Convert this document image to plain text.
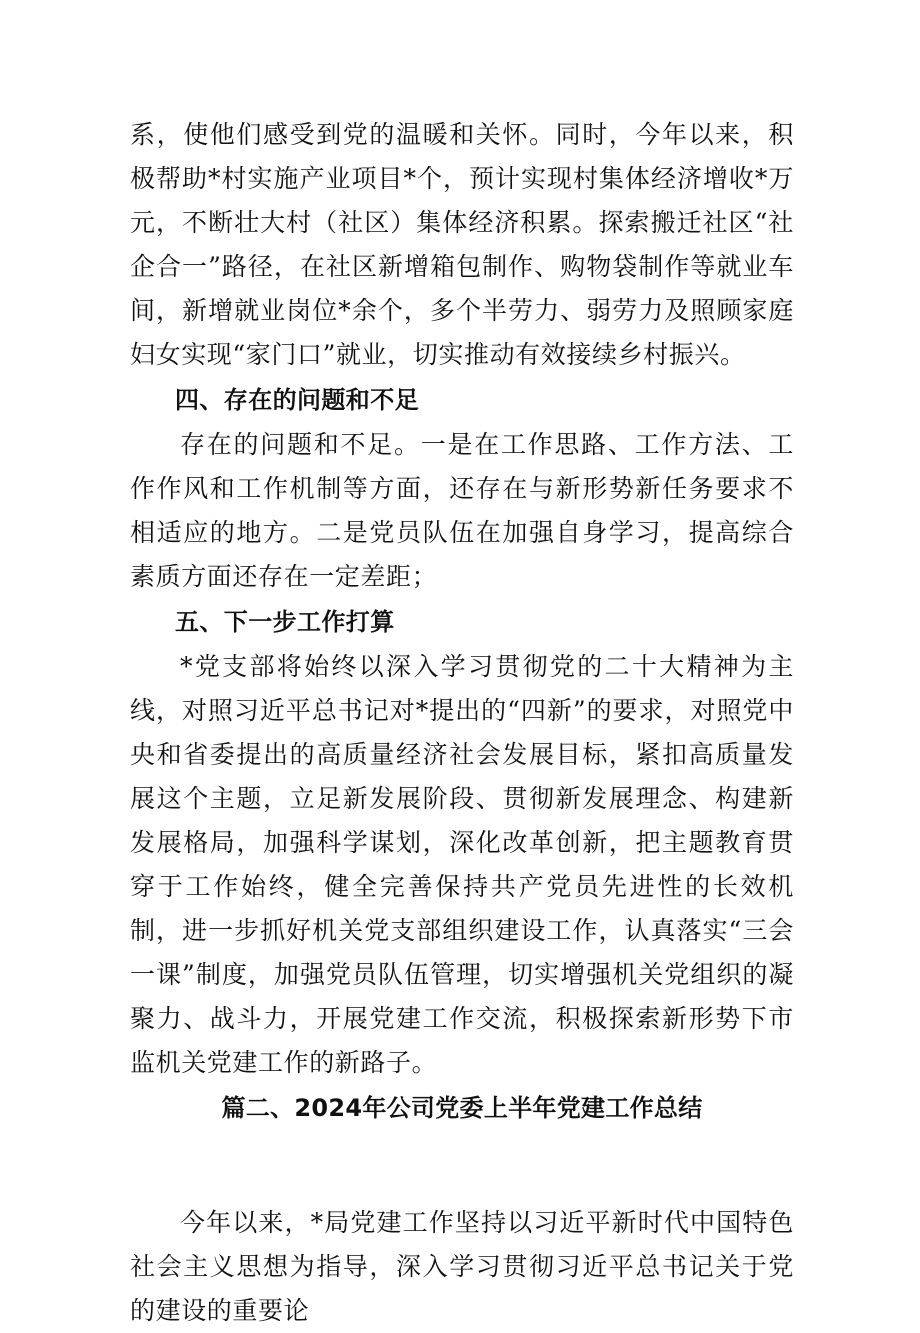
系，使他们感受到党的温暖和关怀。同时，今年以来，积极帮助*村实施产业项目*个，预计实现村集体经济增收*万元，不断壮大村（社区）集体经济积累。探索搬迁社区“社企合一”路径，在社区新增箱包制作、购物袋制作等就业车间，新增就业岗位*余个，多个半劳力、弱劳力及照顾家庭妇女实现“家门口”就业，切实推动有效接续乡村振兴。

四、存在的问题和不足

存在的问题和不足。一是在工作思路、工作方法、工作作风和工作机制等方面，还存在与新形势新任务要求不相适应的地方。二是党员队伍在加强自身学习，提高综合素质方面还存在一定差距；

五、下一步工作打算

*党支部将始终以深入学习贯彻党的二十大精神为主线，对照习近平总书记对*提出的“四新”的要求，对照党中央和省委提出的高质量经济社会发展目标，紧扣高质量发展这个主题，立足新发展阶段、贯彻新发展理念、构建新发展格局，加强科学谋划，深化改革创新，把主题教育贯穿于工作始终，健全完善保持共产党员先进性的长效机制，进一步抓好机关党支部组织建设工作，认真落实“三会一课”制度，加强党员队伍管理，切实增强机关党组织的凝聚力、战斗力，开展党建工作交流，积极探索新形势下市监机关党建工作的新路子。

篇二、2024年公司党委上半年党建工作总结

今年以来，*局党建工作坚持以习近平新时代中国特色社会主义思想为指导，深入学习贯彻习近平总书记关于党的建设的重要论
